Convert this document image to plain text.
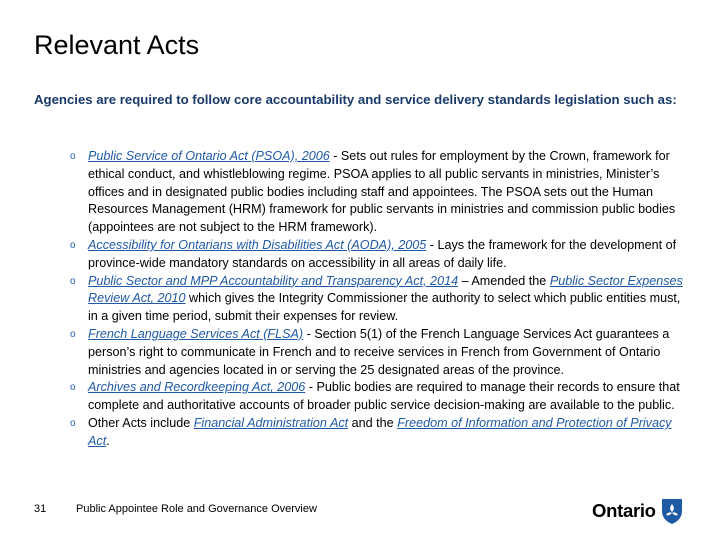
Relevant Acts
Agencies are required to follow core accountability and service delivery standards legislation such as:
o Public Service of Ontario Act (PSOA), 2006 - Sets out rules for employment by the Crown, framework for ethical conduct, and whistleblowing regime. PSOA applies to all public servants in ministries, Minister’s offices and in designated public bodies including staff and appointees. The PSOA sets out the Human Resources Management (HRM) framework for public servants in ministries and commission public bodies (appointees are not subject to the HRM framework).
o Accessibility for Ontarians with Disabilities Act (AODA), 2005 - Lays the framework for the development of province-wide mandatory standards on accessibility in all areas of daily life.
o Public Sector and MPP Accountability and Transparency Act, 2014 – Amended the Public Sector Expenses Review Act, 2010 which gives the Integrity Commissioner the authority to select which public entities must, in a given time period, submit their expenses for review.
o French Language Services Act (FLSA) - Section 5(1) of the French Language Services Act guarantees a person’s right to communicate in French and to receive services in French from Government of Ontario ministries and agencies located in or serving the 25 designated areas of the province.
o Archives and Recordkeeping Act, 2006 - Public bodies are required to manage their records to ensure that complete and authoritative accounts of broader public service decision-making are available to the public.
o Other Acts include Financial Administration Act and the Freedom of Information and Protection of Privacy Act.
31	Public Appointee Role and Governance Overview	Ontario
